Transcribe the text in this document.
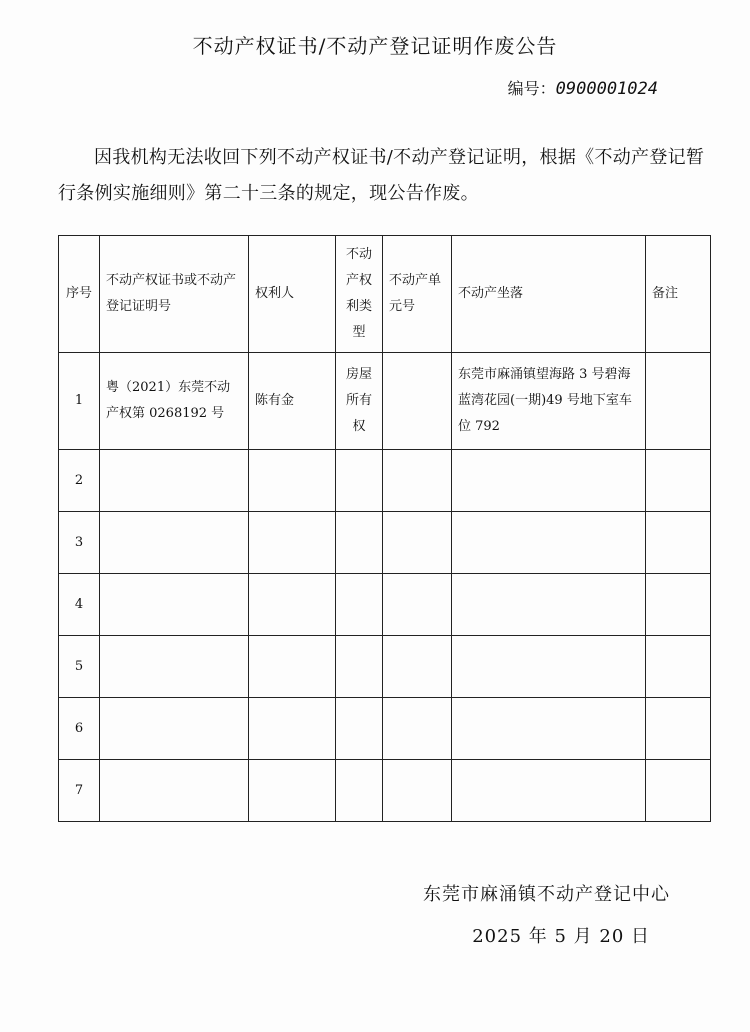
不动产权证书/不动产登记证明作废公告
编号：0900001024
因我机构无法收回下列不动产权证书/不动产登记证明，根据《不动产登记暂行条例实施细则》第二十三条的规定，现公告作废。
序号	不动产权证书或不动产登记证明号	权利人	不动产权利类型	不动产单元号	不动产坐落	备注
1	粤（2021）东莞不动产权第 0268192 号	陈有金	房屋所有权		东莞市麻涌镇望海路 3 号碧海蓝湾花园(一期)49 号地下室车位 792	
2						
3						
4						
5						
6						
7						
东莞市麻涌镇不动产登记中心
2025 年 5 月 20 日
